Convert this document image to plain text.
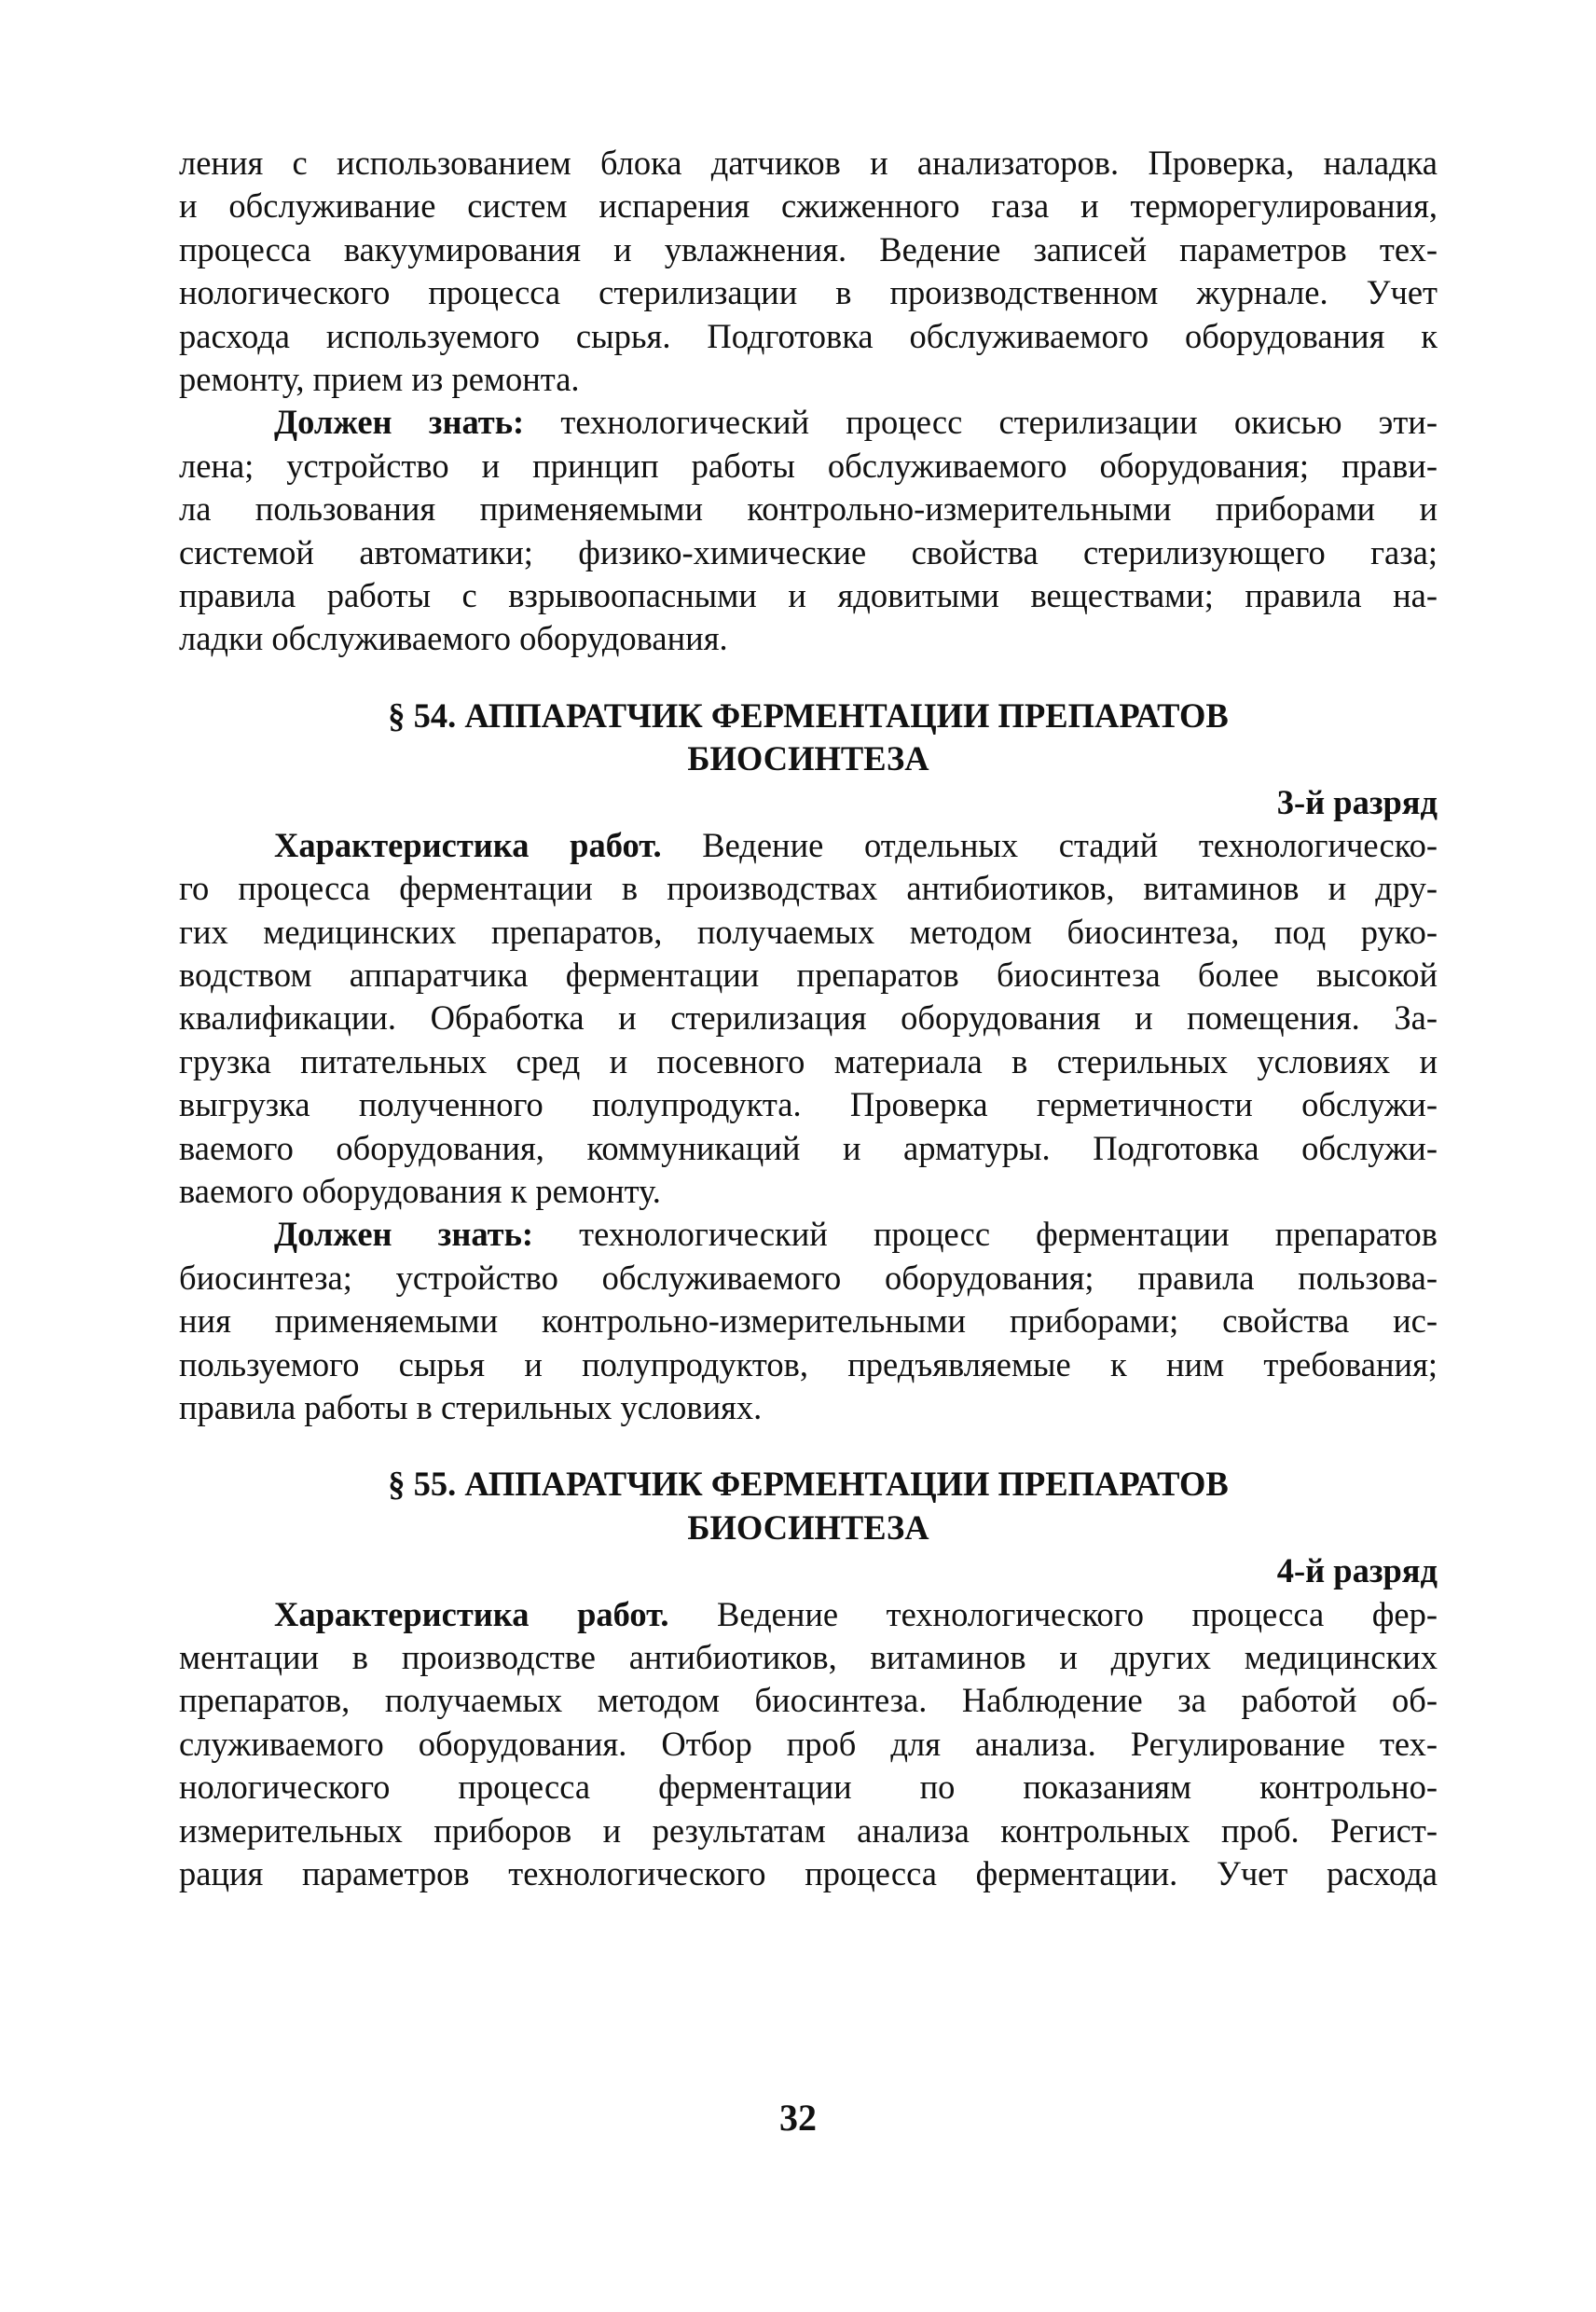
ления с использованием блока датчиков и анализаторов. Проверка, наладка
и обслуживание систем испарения сжиженного газа и терморегулирования,
процесса вакуумирования и увлажнения. Ведение записей параметров тех-
нологического процесса стерилизации в производственном журнале. Учет
расхода используемого сырья. Подготовка обслуживаемого оборудования к
ремонту, прием из ремонта.
Должен знать: технологический процесс стерилизации окисью эти-
лена; устройство и принцип работы обслуживаемого оборудования; прави-
ла пользования применяемыми контрольно-измерительными приборами и
системой автоматики; физико-химические свойства стерилизующего газа;
правила работы с взрывоопасными и ядовитыми веществами; правила на-
ладки обслуживаемого оборудования.
§ 54. АППАРАТЧИК ФЕРМЕНТАЦИИ ПРЕПАРАТОВ
БИОСИНТЕЗА
3-й разряд
Характеристика работ. Ведение отдельных стадий технологическо-
го процесса ферментации в производствах антибиотиков, витаминов и дру-
гих медицинских препаратов, получаемых методом биосинтеза, под руко-
водством аппаратчика ферментации препаратов биосинтеза более высокой
квалификации. Обработка и стерилизация оборудования и помещения. За-
грузка питательных сред и посевного материала в стерильных условиях и
выгрузка полученного полупродукта. Проверка герметичности обслужи-
ваемого оборудования, коммуникаций и арматуры. Подготовка обслужи-
ваемого оборудования к ремонту.
Должен знать: технологический процесс ферментации препаратов
биосинтеза; устройство обслуживаемого оборудования; правила пользова-
ния применяемыми контрольно-измерительными приборами; свойства ис-
пользуемого сырья и полупродуктов, предъявляемые к ним требования;
правила работы в стерильных условиях.
§ 55. АППАРАТЧИК ФЕРМЕНТАЦИИ ПРЕПАРАТОВ
БИОСИНТЕЗА
4-й разряд
Характеристика работ. Ведение технологического процесса фер-
ментации в производстве антибиотиков, витаминов и других медицинских
препаратов, получаемых методом биосинтеза. Наблюдение за работой об-
служиваемого оборудования. Отбор проб для анализа. Регулирование тех-
нологического процесса ферментации по показаниям контрольно-
измерительных приборов и результатам анализа контрольных проб. Регист-
рация параметров технологического процесса ферментации. Учет расхода
32
